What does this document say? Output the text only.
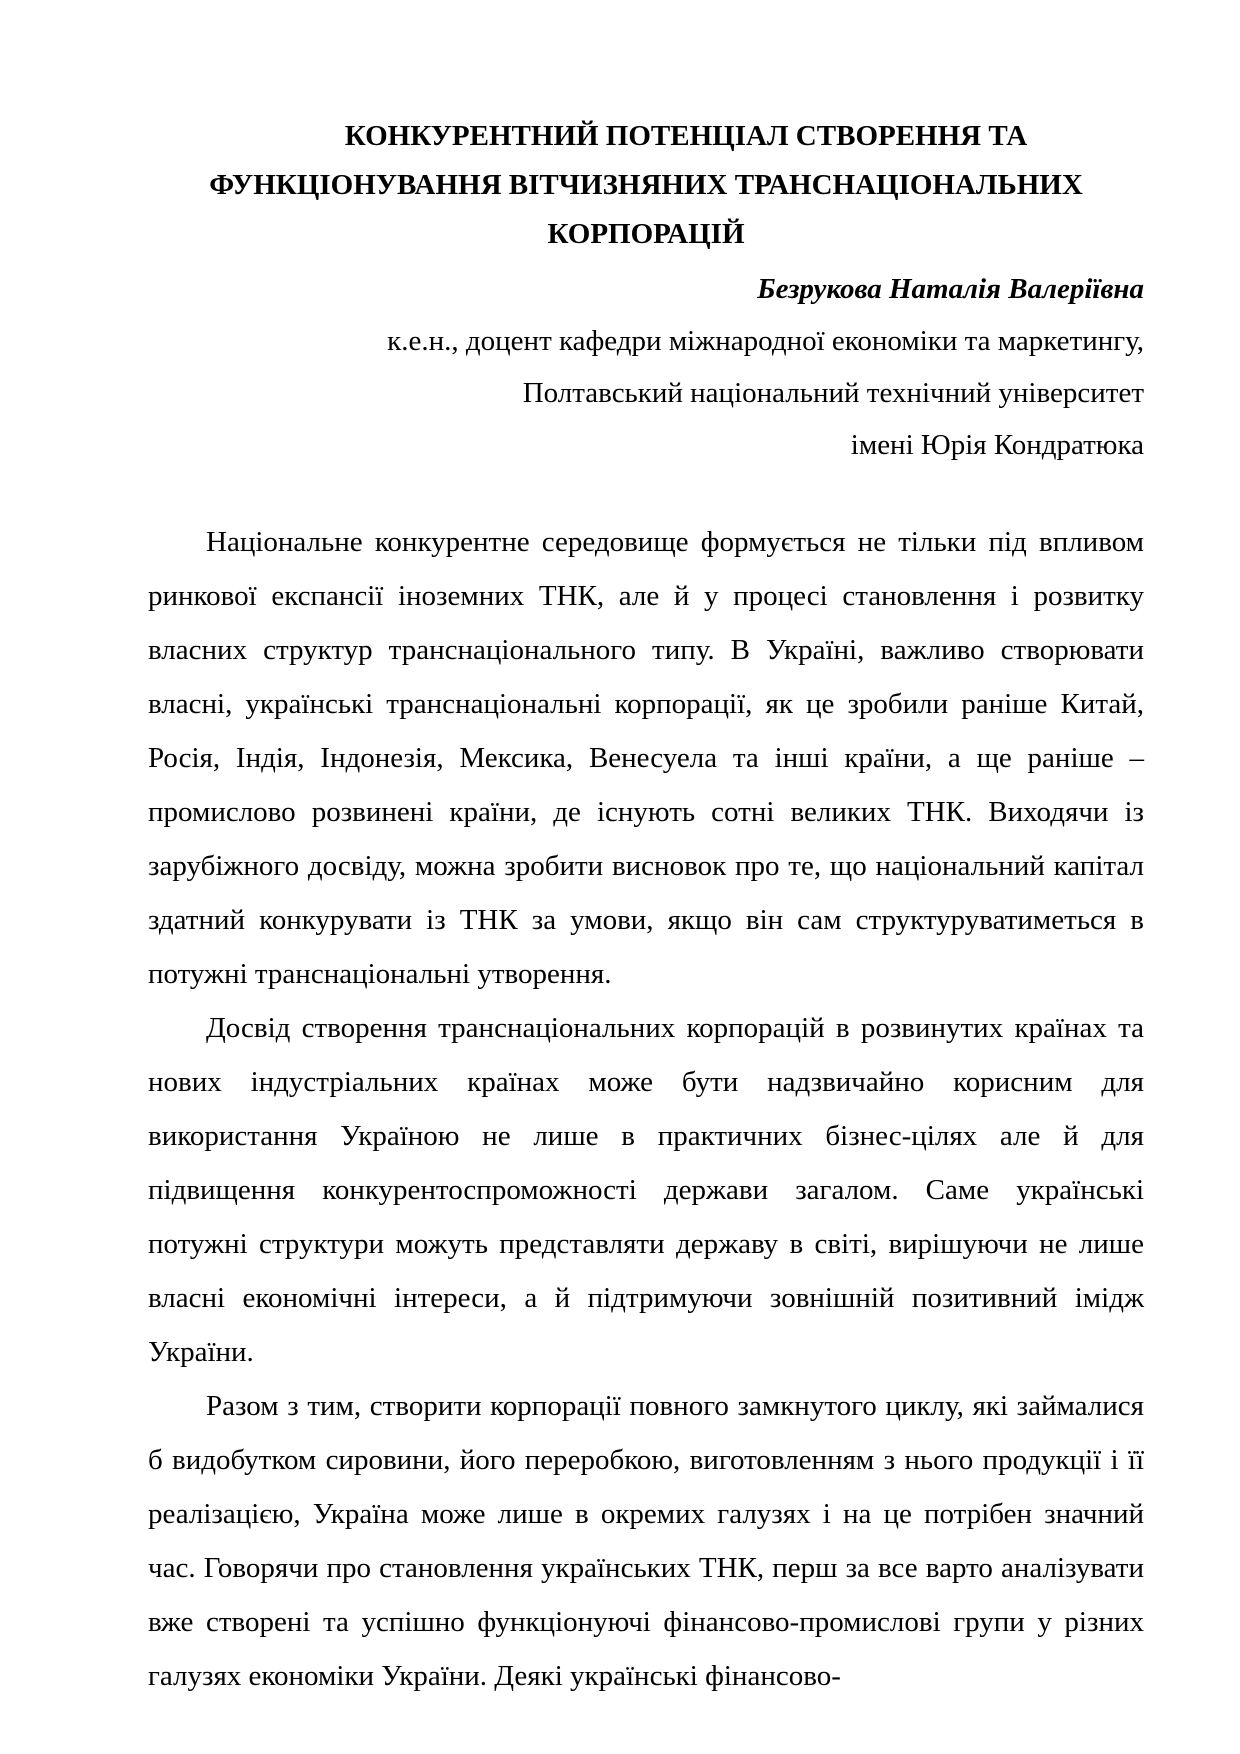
КОНКУРЕНТНИЙ ПОТЕНЦІАЛ СТВОРЕННЯ ТА
ФУНКЦІОНУВАННЯ ВІТЧИЗНЯНИХ ТРАНСНАЦІОНАЛЬНИХ
КОРПОРАЦІЙ
Безрукова Наталія Валеріївна
к.е.н., доцент кафедри міжнародної економіки та маркетингу,
Полтавський національний технічний університет
імені Юрія Кондратюка

Національне конкурентне середовище формується не тільки під впливом ринкової експансії іноземних ТНК, але й у процесі становлення і розвитку власних структур транснаціонального типу. В Україні, важливо створювати власні, українські транснаціональні корпорації, як це зробили раніше Китай, Росія, Індія, Індонезія, Мексика, Венесуела та інші країни, а ще раніше – промислово розвинені країни, де існують сотні великих ТНК. Виходячи із зарубіжного досвіду, можна зробити висновок про те, що національний капітал здатний конкурувати із ТНК за умови, якщо він сам структуруватиметься в потужні транснаціональні утворення.

Досвід створення транснаціональних корпорацій в розвинутих країнах та нових індустріальних країнах може бути надзвичайно корисним для використання Україною не лише в практичних бізнес-цілях але й для підвищення конкурентоспроможності держави загалом. Саме українські потужні структури можуть представляти державу в світі, вирішуючи не лише власні економічні інтереси, а й підтримуючи зовнішній позитивний імідж України.

Разом з тим, створити корпорації повного замкнутого циклу, які займалися б видобутком сировини, його переробкою, виготовленням з нього продукції і її реалізацією, Україна може лише в окремих галузях і на це потрібен значний час. Говорячи про становлення українських ТНК, перш за все варто аналізувати вже створені та успішно функціонуючі фінансово-промислові групи у різних галузях економіки України. Деякі українські фінансово-
